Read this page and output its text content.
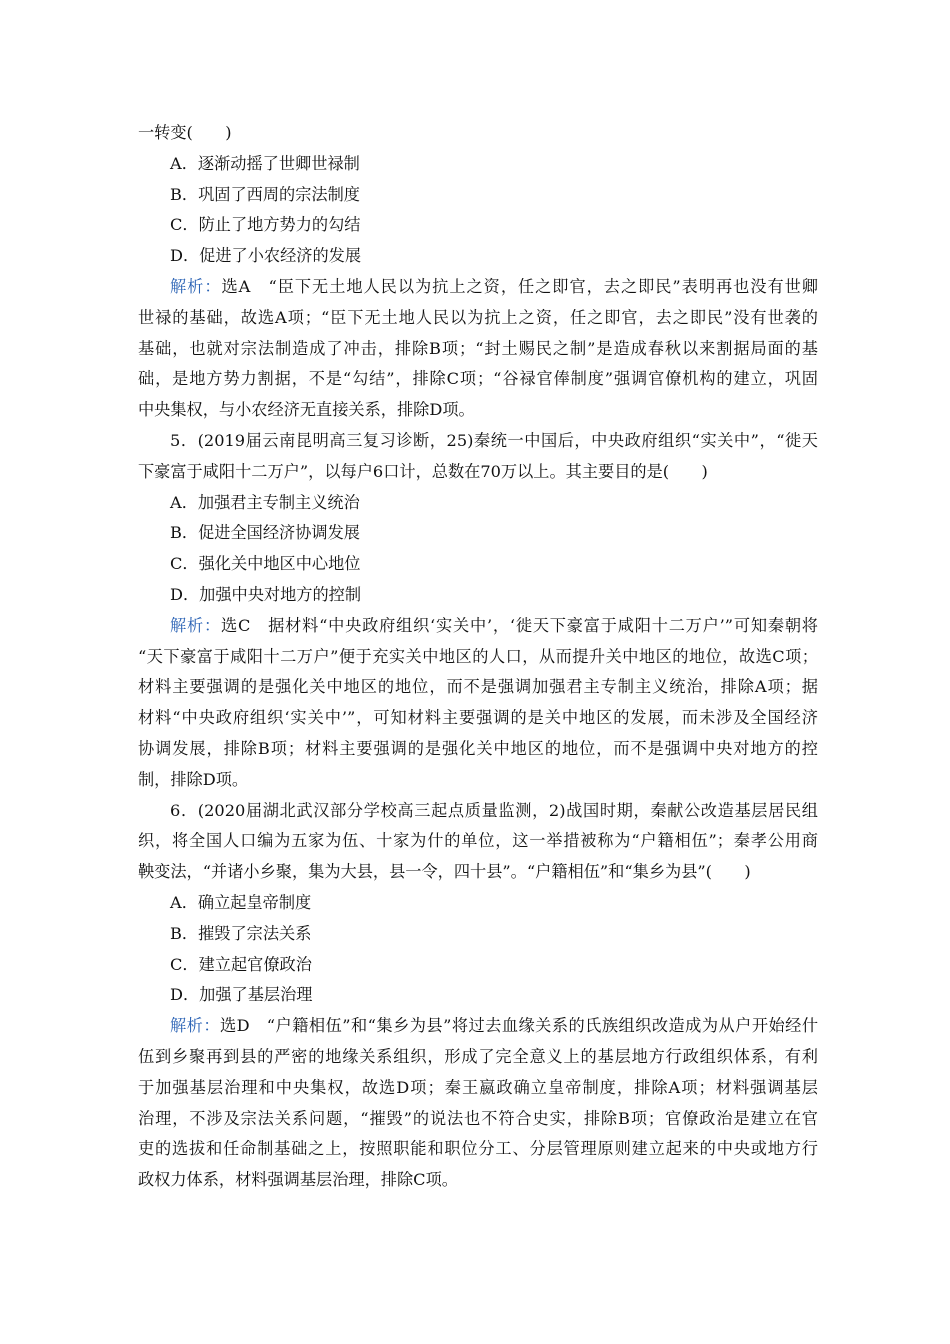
一转变(　　)
A．逐渐动摇了世卿世禄制
B．巩固了西周的宗法制度
C．防止了地方势力的勾结
D．促进了小农经济的发展
解析：选A　“臣下无土地人民以为抗上之资，任之即官，去之即民”表明再也没有世卿
世禄的基础，故选A项；“臣下无土地人民以为抗上之资，任之即官，去之即民”没有世袭的
基础，也就对宗法制造成了冲击，排除B项；“封土赐民之制”是造成春秋以来割据局面的基
础，是地方势力割据，不是“勾结”，排除C项；“谷禄官俸制度”强调官僚机构的建立，巩固
中央集权，与小农经济无直接关系，排除D项。
5．(2019届云南昆明高三复习诊断，25)秦统一中国后，中央政府组织“实关中”，“徙天
下豪富于咸阳十二万户”，以每户6口计，总数在70万以上。其主要目的是(　　)
A．加强君主专制主义统治
B．促进全国经济协调发展
C．强化关中地区中心地位
D．加强中央对地方的控制
解析：选C　据材料“中央政府组织‘实关中’，‘徙天下豪富于咸阳十二万户’”可知秦朝将
“天下豪富于咸阳十二万户”便于充实关中地区的人口，从而提升关中地区的地位，故选C项；
材料主要强调的是强化关中地区的地位，而不是强调加强君主专制主义统治，排除A项；据
材料“中央政府组织‘实关中’”，可知材料主要强调的是关中地区的发展，而未涉及全国经济
协调发展，排除B项；材料主要强调的是强化关中地区的地位，而不是强调中央对地方的控
制，排除D项。
6．(2020届湖北武汉部分学校高三起点质量监测，2)战国时期，秦献公改造基层居民组
织，将全国人口编为五家为伍、十家为什的单位，这一举措被称为“户籍相伍”；秦孝公用商
鞅变法，“并诸小乡聚，集为大县，县一令，四十县”。“户籍相伍”和“集乡为县”(　　)
A．确立起皇帝制度
B．摧毁了宗法关系
C．建立起官僚政治
D．加强了基层治理
解析：选D　“户籍相伍”和“集乡为县”将过去血缘关系的氏族组织改造成为从户开始经什
伍到乡聚再到县的严密的地缘关系组织，形成了完全意义上的基层地方行政组织体系，有利
于加强基层治理和中央集权，故选D项；秦王嬴政确立皇帝制度，排除A项；材料强调基层
治理，不涉及宗法关系问题，“摧毁”的说法也不符合史实，排除B项；官僚政治是建立在官
吏的选拔和任命制基础之上，按照职能和职位分工、分层管理原则建立起来的中央或地方行
政权力体系，材料强调基层治理，排除C项。
